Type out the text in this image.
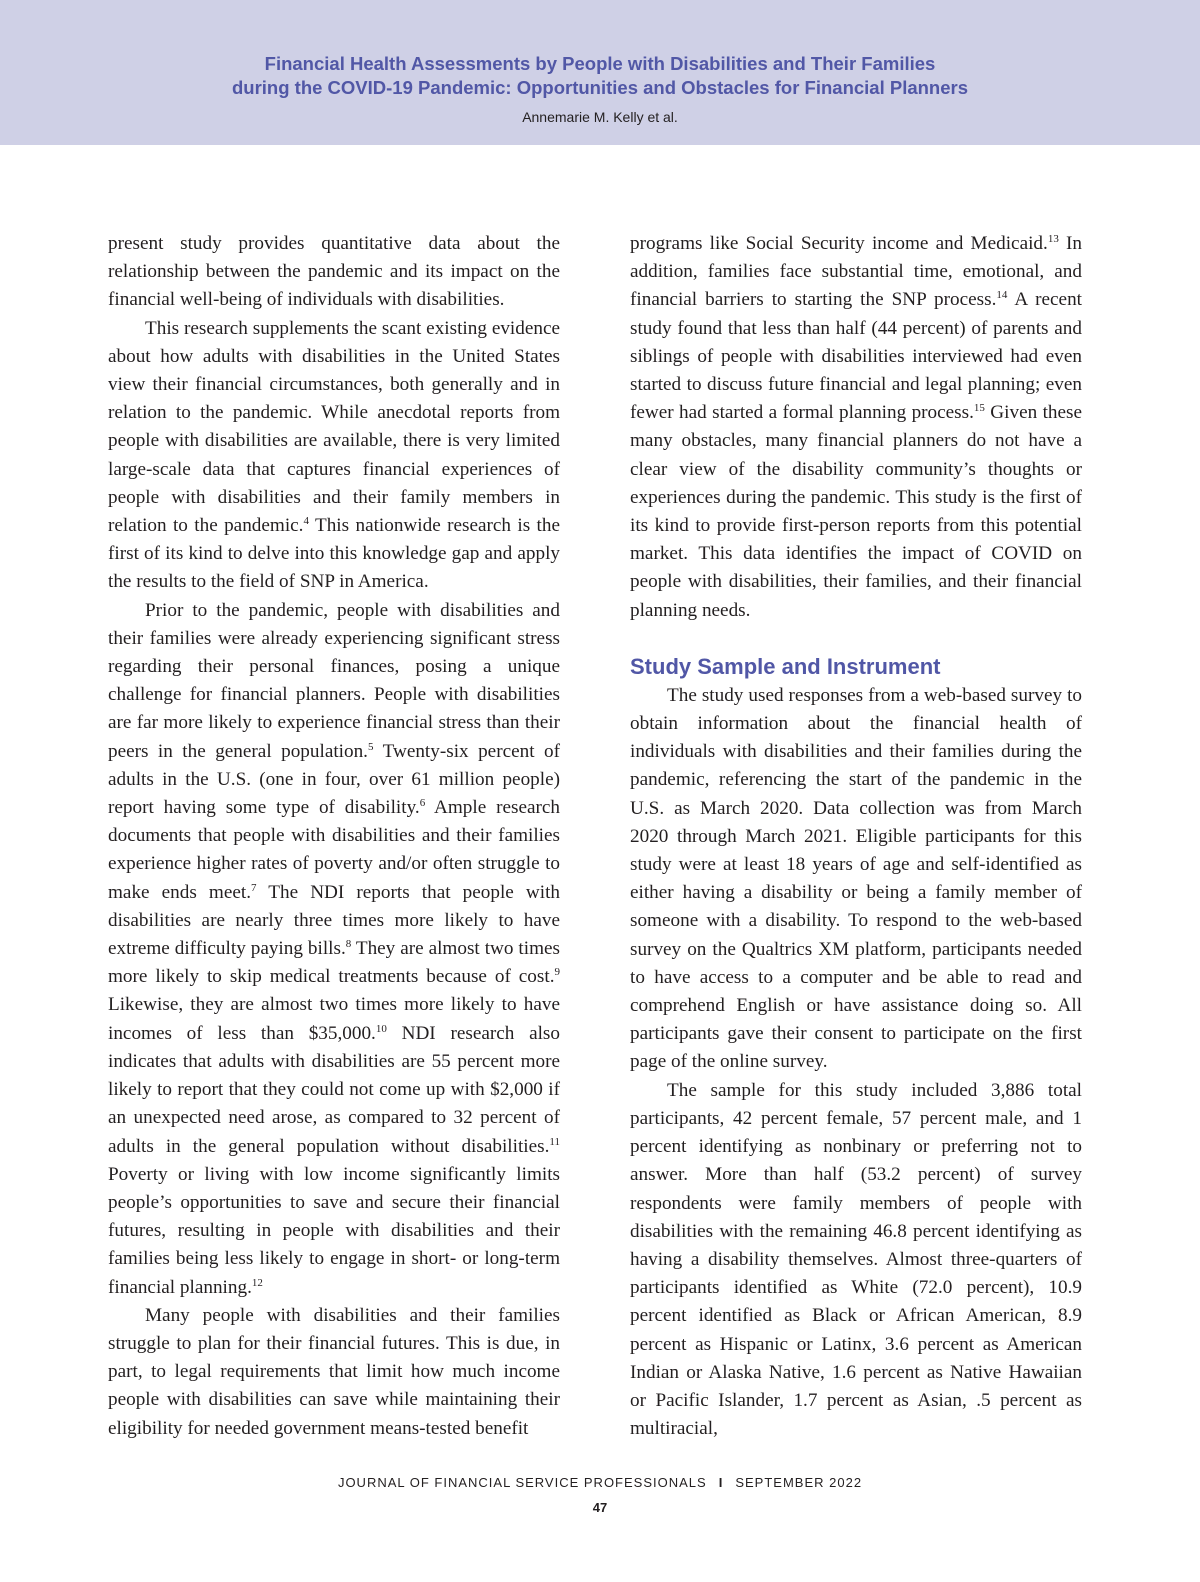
Financial Health Assessments by People with Disabilities and Their Families
during the COVID-19 Pandemic: Opportunities and Obstacles for Financial Planners
Annemarie M. Kelly et al.

present study provides quantitative data about the relationship between the pandemic and its impact on the financial well-being of individuals with disabilities.

This research supplements the scant existing evidence about how adults with disabilities in the United States view their financial circumstances, both generally and in relation to the pandemic. While anecdotal reports from people with disabilities are available, there is very limited large-scale data that captures financial experiences of people with disabilities and their family members in relation to the pandemic.$^4$ This nationwide research is the first of its kind to delve into this knowledge gap and apply the results to the field of SNP in America.

Prior to the pandemic, people with disabilities and their families were already experiencing significant stress regarding their personal finances, posing a unique challenge for financial planners. People with disabilities are far more likely to experience financial stress than their peers in the general population.$^5$ Twenty-six percent of adults in the U.S. (one in four, over 61 million people) report having some type of disability.$^6$ Ample research documents that people with disabilities and their families experience higher rates of poverty and/or often struggle to make ends meet.$^7$ The NDI reports that people with disabilities are nearly three times more likely to have extreme difficulty paying bills.$^8$ They are almost two times more likely to skip medical treatments because of cost.$^9$ Likewise, they are almost two times more likely to have incomes of less than $35,000.10 NDI research also indicates that adults with disabilities are 55 percent more likely to report that they could not come up with $2,000 if an unexpected need arose, as compared to 32 percent of adults in the general population without disabilities.$^{11}$ Poverty or living with low income significantly limits people’s opportunities to save and secure their financial futures, resulting in people with disabilities and their families being less likely to engage in short- or long-term financial planning.$^{12}$

Many people with disabilities and their families struggle to plan for their financial futures. This is due, in part, to legal requirements that limit how much income people with disabilities can save while maintaining their eligibility for needed government means-tested benefit

programs like Social Security income and Medicaid.$^{13}$ In addition, families face substantial time, emotional, and financial barriers to starting the SNP process.$^{14}$ A recent study found that less than half (44 percent) of parents and siblings of people with disabilities interviewed had even started to discuss future financial and legal planning; even fewer had started a formal planning process.$^{15}$ Given these many obstacles, many financial planners do not have a clear view of the disability community’s thoughts or experiences during the pandemic. This study is the first of its kind to provide first-person reports from this potential market. This data identifies the impact of COVID on people with disabilities, their families, and their financial planning needs.

Study Sample and Instrument

The study used responses from a web-based survey to obtain information about the financial health of individuals with disabilities and their families during the pandemic, referencing the start of the pandemic in the U.S. as March 2020. Data collection was from March 2020 through March 2021. Eligible participants for this study were at least 18 years of age and self-identified as either having a disability or being a family member of someone with a disability. To respond to the web-based survey on the Qualtrics XM platform, participants needed to have access to a computer and be able to read and comprehend English or have assistance doing so. All participants gave their consent to participate on the first page of the online survey.

The sample for this study included 3,886 total participants, 42 percent female, 57 percent male, and 1 percent identifying as nonbinary or preferring not to answer. More than half (53.2 percent) of survey respondents were family members of people with disabilities with the remaining 46.8 percent identifying as having a disability themselves. Almost three-quarters of participants identified as White (72.0 percent), 10.9 percent identified as Black or African American, 8.9 percent as Hispanic or Latinx, 3.6 percent as American Indian or Alaska Native, 1.6 percent as Native Hawaiian or Pacific Islander, 1.7 percent as Asian, .5 percent as multiracial,

JOURNAL OF FINANCIAL SERVICE PROFESSIONALS I SEPTEMBER 2022
47
